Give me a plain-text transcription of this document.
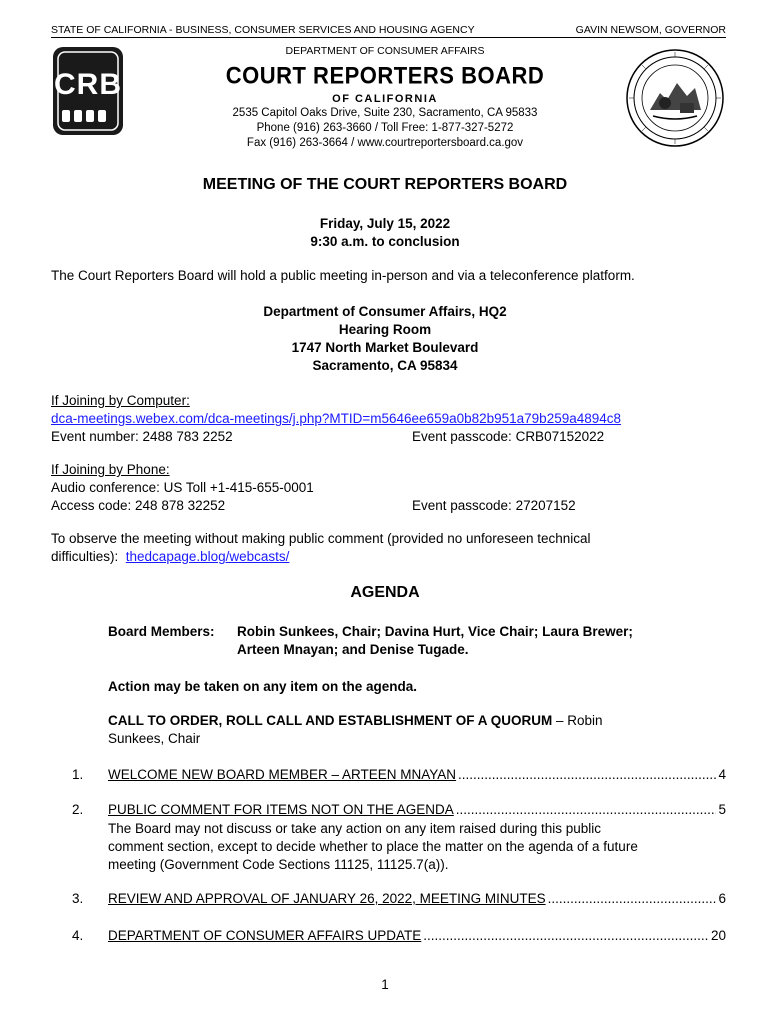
STATE OF CALIFORNIA - BUSINESS, CONSUMER SERVICES AND HOUSING AGENCY	GAVIN NEWSOM, GOVERNOR
CRB
DEPARTMENT OF CONSUMER AFFAIRS
COURT REPORTERS BOARD
OF CALIFORNIA
2535 Capitol Oaks Drive, Suite 230, Sacramento, CA 95833
Phone (916) 263-3660 / Toll Free: 1-877-327-5272
Fax (916) 263-3664 / www.courtreportersboard.ca.gov
MEETING OF THE COURT REPORTERS BOARD
Friday, July 15, 2022
9:30 a.m. to conclusion
The Court Reporters Board will hold a public meeting in-person and via a teleconference platform.
Department of Consumer Affairs, HQ2
Hearing Room
1747 North Market Boulevard
Sacramento, CA 95834
If Joining by Computer:
dca-meetings.webex.com/dca-meetings/j.php?MTID=m5646ee659a0b82b951a79b259a4894c8
Event number: 2488 783 2252	Event passcode: CRB07152022
If Joining by Phone:
Audio conference: US Toll +1-415-655-0001
Access code: 248 878 32252	Event passcode: 27207152
To observe the meeting without making public comment (provided no unforeseen technical
difficulties):  thedcapage.blog/webcasts/
AGENDA
Board Members: Robin Sunkees, Chair; Davina Hurt, Vice Chair; Laura Brewer;
Arteen Mnayan; and Denise Tugade.
Action may be taken on any item on the agenda.
CALL TO ORDER, ROLL CALL AND ESTABLISHMENT OF A QUORUM – Robin
Sunkees, Chair
1. WELCOME NEW BOARD MEMBER – ARTEEN MNAYAN .....	4
2. PUBLIC COMMENT FOR ITEMS NOT ON THE AGENDA .....	5
The Board may not discuss or take any action on any item raised during this public
comment section, except to decide whether to place the matter on the agenda of a future
meeting (Government Code Sections 11125, 11125.7(a)).
3. REVIEW AND APPROVAL OF JANUARY 26, 2022, MEETING MINUTES .....	6
4. DEPARTMENT OF CONSUMER AFFAIRS UPDATE .....	20
1
